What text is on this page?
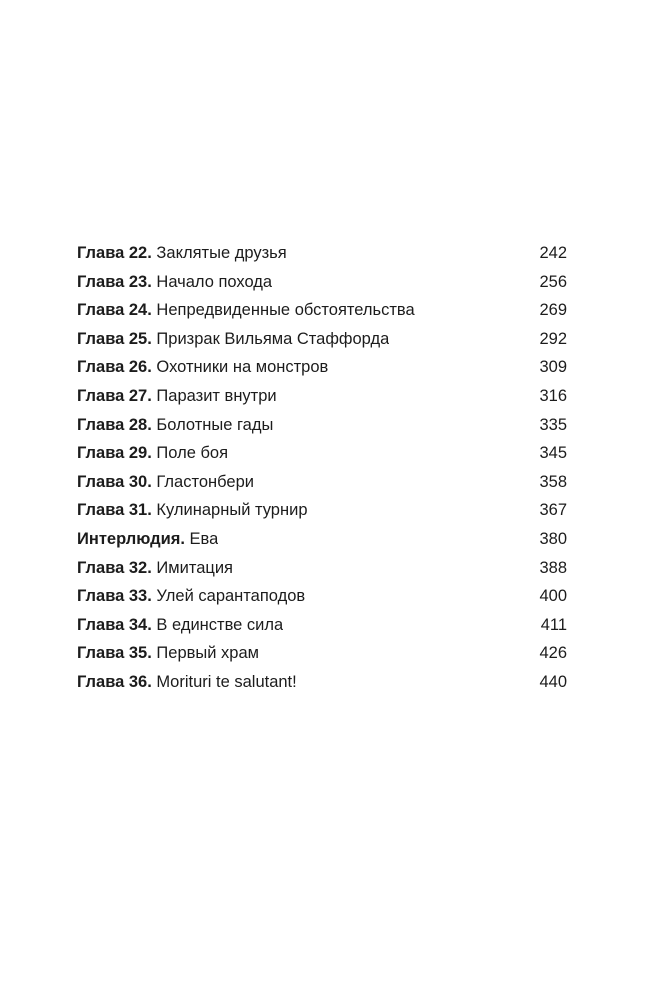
Глава 22. Заклятые друзья	242
Глава 23. Начало похода	256
Глава 24. Непредвиденные обстоятельства	269
Глава 25. Призрак Вильяма Стаффорда	292
Глава 26. Охотники на монстров	309
Глава 27. Паразит внутри	316
Глава 28. Болотные гады	335
Глава 29. Поле боя	345
Глава 30. Гластонбери	358
Глава 31. Кулинарный турнир	367
Интерлюдия. Ева	380
Глава 32. Имитация	388
Глава 33. Улей сарантаподов	400
Глава 34. В единстве сила	411
Глава 35. Первый храм	426
Глава 36. Morituri te salutant!	440
